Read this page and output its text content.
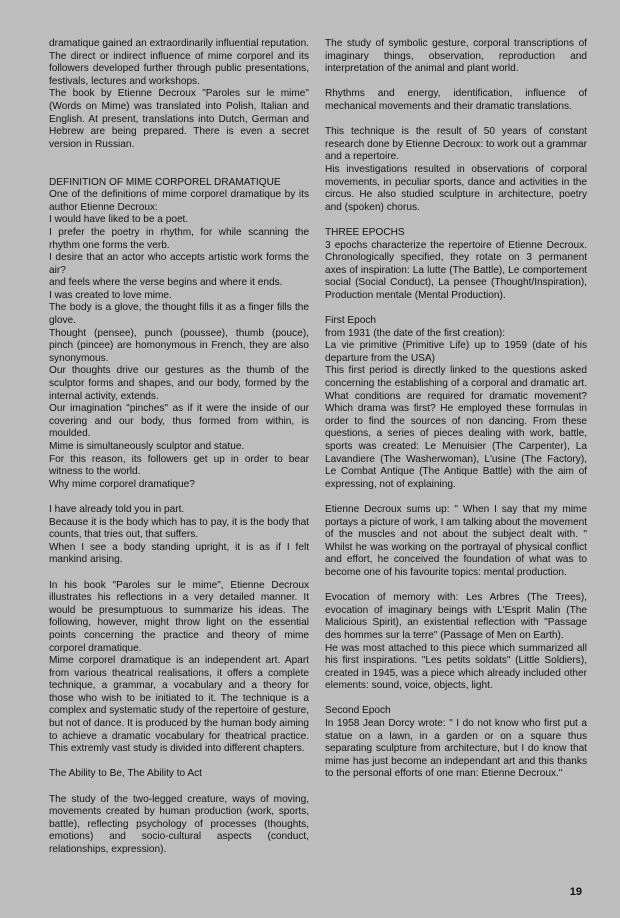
dramatique gained an extraordinarily influential reputation. The direct or indirect influence of mime corporel and its followers developed further through public presentations, festivals, lectures and workshops.

The book by Etienne Decroux "Paroles sur le mime" (Words on Mime) was translated into Polish, Italian and English. At present, translations into Dutch, German and Hebrew are being prepared. There is even a secret version in Russian.

DEFINITION OF MIME CORPOREL DRAMATIQUE

One of the definitions of mime corporel dramatique by its author Etienne Decroux:

I would have liked to be a poet.

I prefer the poetry in rhythm, for while scanning the rhythm one forms the verb.

I desire that an actor who accepts artistic work forms the air?

and feels where the verse begins and where it ends.

I was created to love mime.

The body is a glove, the thought fills it as a finger fills the glove.

Thought (pensee), punch (poussee), thumb (pouce), pinch (pincee) are homonymous in French, they are also synonymous.

Our thoughts drive our gestures as the thumb of the sculptor forms and shapes, and our body, formed by the internal activity, extends.

Our imagination "pinches" as if it were the inside of our covering and our body, thus formed from within, is moulded.

Mime is simultaneously sculptor and statue.

For this reason, its followers get up in order to bear witness to the world.

Why mime corporel dramatique?

I have already told you in part.

Because it is the body which has to pay, it is the body that counts, that tries out, that suffers.

When I see a body standing upright, it is as if I felt mankind arising.

In his book "Paroles sur le mime", Etienne Decroux illustrates his reflections in a very detailed manner. It would be presumptuous to summarize his ideas. The following, however, might throw light on the essential points concerning the practice and theory of mime corporel dramatique.

Mime corporel dramatique is an independent art. Apart from various theatrical realisations, it offers a complete technique, a grammar, a vocabulary and a theory for those who wish to be initiated to it. The technique is a complex and systematic study of the repertoire of gesture, but not of dance. It is produced by the human body aiming to achieve a dramatic vocabulary for theatrical practice. This extremly vast study is divided into different chapters.

The Ability to Be, The Ability to Act

The study of the two-legged creature, ways of moving, movements created by human production (work, sports, battle), reflecting psychology of processes (thoughts, emotions) and socio-cultural aspects (conduct, relationships, expression).

The study of symbolic gesture, corporal transcriptions of imaginary things, observation, reproduction and interpretation of the animal and plant world.

Rhythms and energy, identification, influence of mechanical movements and their dramatic translations.

This technique is the result of 50 years of constant research done by Etienne Decroux: to work out a grammar and a repertoire.

His investigations resulted in observations of corporal movements, in peculiar sports, dance and activities in the circus. He also studied sculpture in architecture, poetry and (spoken) chorus.

THREE EPOCHS

3 epochs characterize the repertoire of Etienne Decroux. Chronologically specified, they rotate on 3 permanent axes of inspiration: La lutte (The Battle), Le comportement social (Social Conduct), La pensee (Thought/Inspiration), Production mentale (Mental Production).

First Epoch

from 1931 (the date of the first creation):

La vie primitive (Primitive Life) up to 1959 (date of his departure from the USA)

This first period is directly linked to the questions asked concerning the establishing of a corporal and dramatic art. What conditions are required for dramatic movement? Which drama was first? He employed these formulas in order to find the sources of non dancing. From these questions, a series of pieces dealing with work, battle, sports was created: Le Menuisier (The Carpenter), La Lavandiere (The Washerwoman), L'usine (The Factory), Le Combat Antique (The Antique Battle) with the aim of expressing, not of explaining.

Etienne Decroux sums up: " When I say that my mime portays a picture of work, I am talking about the movement of the muscles and not about the subject dealt with. " Whilst he was working on the portrayal of physical conflict and effort, he conceived the foundation of what was to become one of his favourite topics: mental production.

Evocation of memory with: Les Arbres (The Trees), evocation of imaginary beings with L'Esprit Malin (The Malicious Spirit), an existential reflection with "Passage des hommes sur la terre" (Passage of Men on Earth).

He was most attached to this piece which summarized all his first inspirations. "Les petits soldats" (Little Soldiers), created in 1945, was a piece which already included other elements: sound, voice, objects, light.

Second Epoch

In 1958 Jean Dorcy wrote: " I do not know who first put a statue on a lawn, in a garden or on a square thus separating sculpture from architecture, but I do know that mime has just become an independant art and this thanks to the personal efforts of one man: Etienne Decroux."

19
